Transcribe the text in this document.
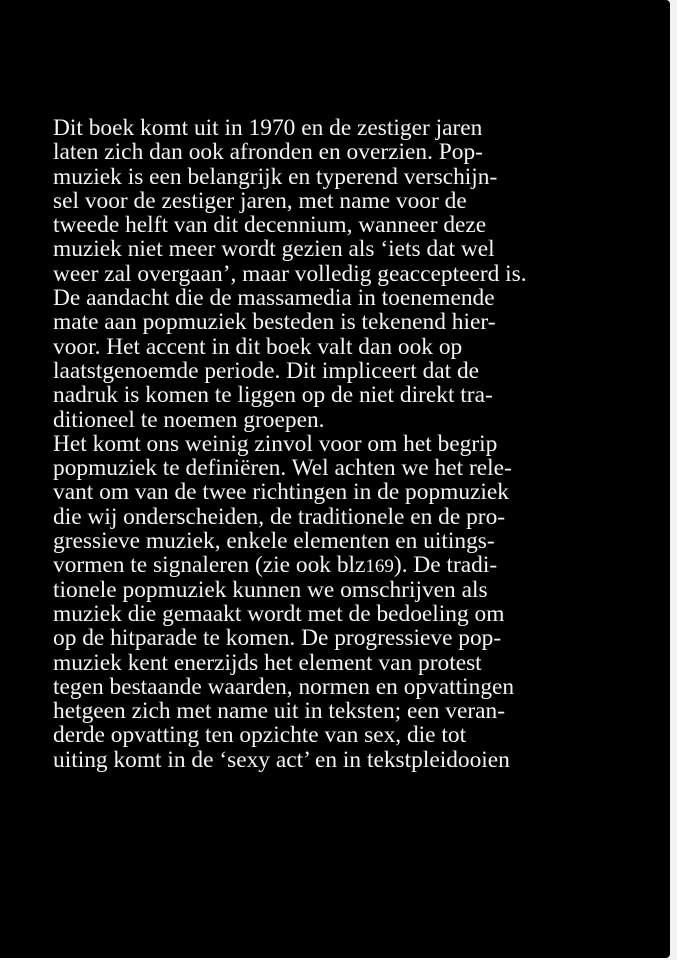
Dit boek komt uit in 1970 en de zestiger jaren
laten zich dan ook afronden en overzien. Pop-
muziek is een belangrijk en typerend verschijn-
sel voor de zestiger jaren, met name voor de
tweede helft van dit decennium, wanneer deze
muziek niet meer wordt gezien als ‘iets dat wel
weer zal overgaan’, maar volledig geaccepteerd is.
De aandacht die de massamedia in toenemende
mate aan popmuziek besteden is tekenend hier-
voor. Het accent in dit boek valt dan ook op
laatstgenoemde periode. Dit impliceert dat de
nadruk is komen te liggen op de niet direkt tra-
ditioneel te noemen groepen.
Het komt ons weinig zinvol voor om het begrip
popmuziek te definiëren. Wel achten we het rele-
vant om van de twee richtingen in de popmuziek
die wij onderscheiden, de traditionele en de pro-
gressieve muziek, enkele elementen en uitings-
vormen te signaleren (zie ook blz169). De tradi-
tionele popmuziek kunnen we omschrijven als
muziek die gemaakt wordt met de bedoeling om
op de hitparade te komen. De progressieve pop-
muziek kent enerzijds het element van protest
tegen bestaande waarden, normen en opvattingen
hetgeen zich met name uit in teksten; een veran-
derde opvatting ten opzichte van sex, die tot
uiting komt in de ‘sexy act’ en in tekstpleidooien
